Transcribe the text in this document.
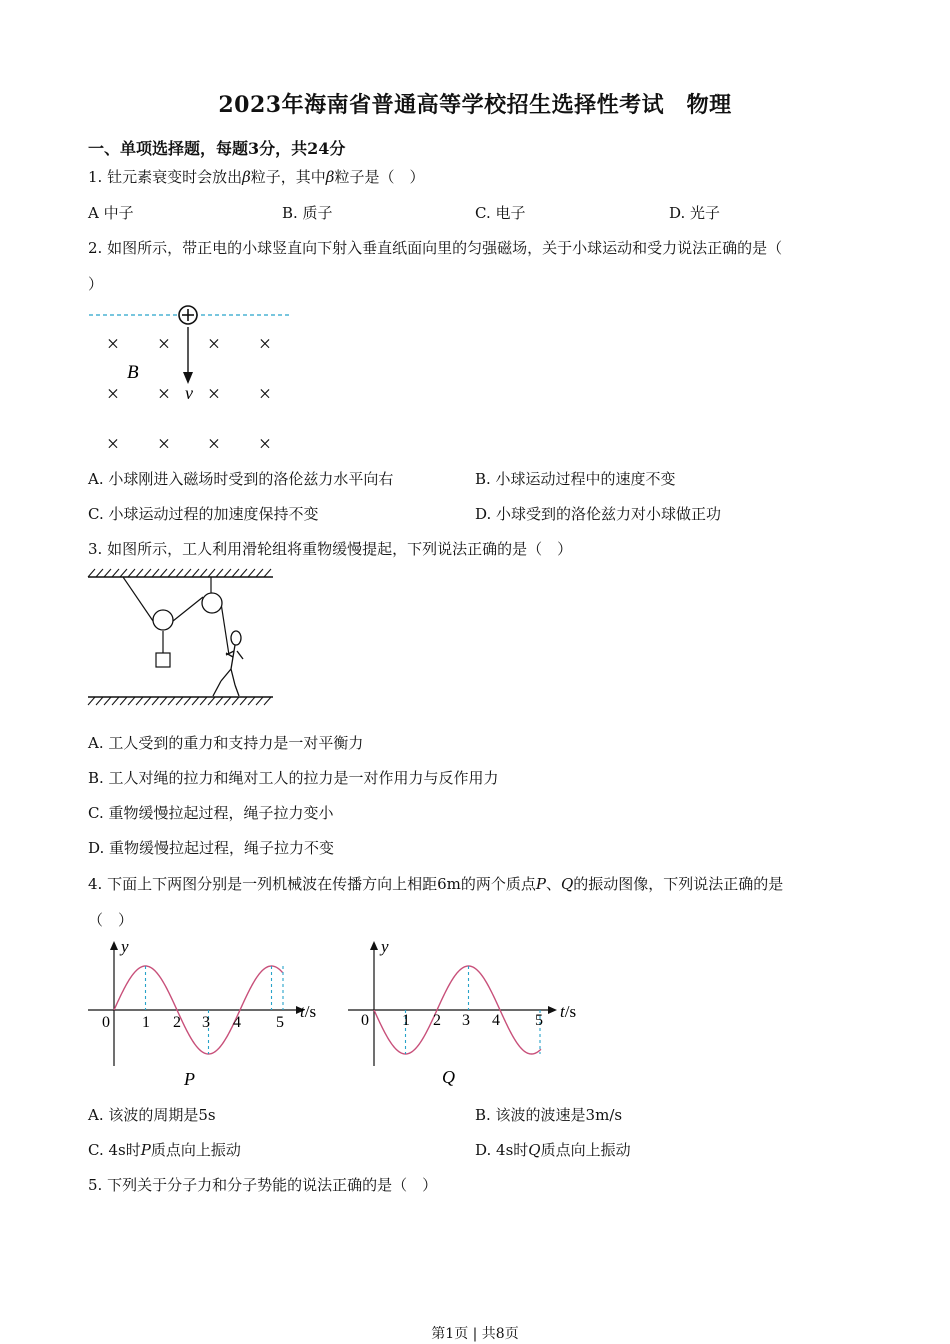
2023年海南省普通高等学校招生选择性考试　物理
一、单项选择题，每题3分，共24分
1. 钍元素衰变时会放出β粒子，其中β粒子是（　）
A 中子	B. 质子	C. 电子	D. 光子
2. 如图所示，带正电的小球竖直向下射入垂直纸面向里的匀强磁场，关于小球运动和受力说法正确的是（
）
v
B
× × × ×
× × × ×
× × × ×
A. 小球刚进入磁场时受到的洛伦兹力水平向右	B. 小球运动过程中的速度不变
C. 小球运动过程的加速度保持不变	D. 小球受到的洛伦兹力对小球做正功
3. 如图所示，工人利用滑轮组将重物缓慢提起，下列说法正确的是（　）
A. 工人受到的重力和支持力是一对平衡力
B. 工人对绳的拉力和绳对工人的拉力是一对作用力与反作用力
C. 重物缓慢拉起过程，绳子拉力变小
D. 重物缓慢拉起过程，绳子拉力不变
4. 下面上下两图分别是一列机械波在传播方向上相距6m的两个质点P、Q的振动图像，下列说法正确的是
（　）
y
t/s
0 1 2 3 4 5
P
y
t/s
0 1 2 3 4 5
Q
A. 该波的周期是5s	B. 该波的波速是3m/s
C. 4s时P质点向上振动	D. 4s时Q质点向上振动
5. 下列关于分子力和分子势能的说法正确的是（　）
第1页 | 共8页
